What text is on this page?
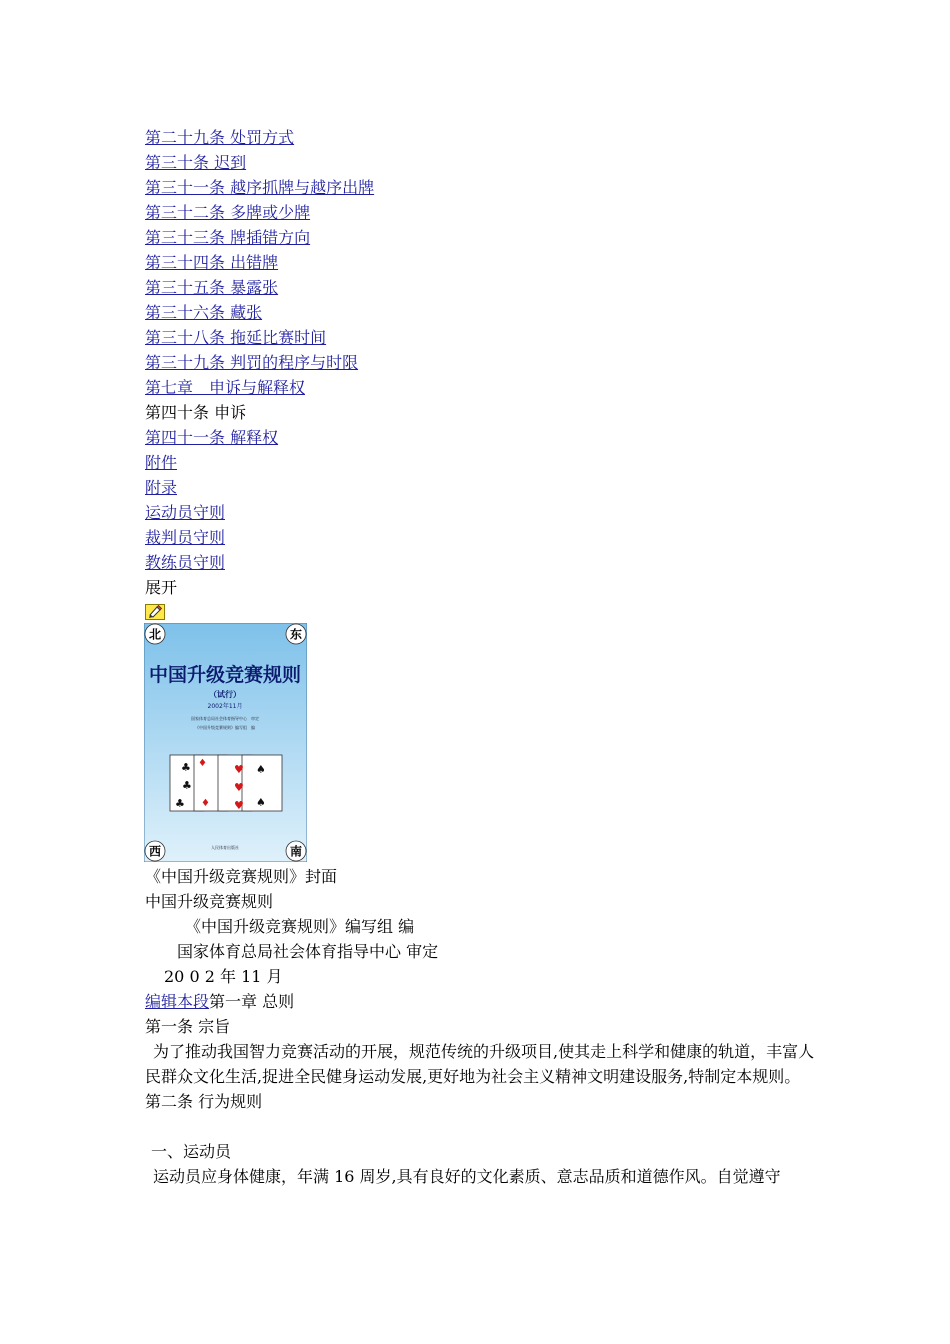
第二十九条 处罚方式
第三十条 迟到
第三十一条 越序抓牌与越序出牌
第三十二条 多牌或少牌
第三十三条 牌插错方向
第三十四条 出错牌
第三十五条 暴露张
第三十六条 藏张
第三十八条 拖延比赛时间
第三十九条 判罚的程序与时限
第七章　申诉与解释权
第四十条 申诉
第四十一条 解释权
附件
附录
运动员守则
裁判员守则
教练员守则
展开
北	东
西	南
中国升级竞赛规则
（试行）
2002年11月
国家体育总局社会体育指导中心　审定
《中国升级竞赛规则》编写组　编
♣
♣
♣
♦
♦
♥
♥
♥
♠
♠
人民体育出版社
《中国升级竞赛规则》封面
中国升级竞赛规则
《中国升级竞赛规则》编写组 编
国家体育总局社会体育指导中心 审定
20 0 2 年 11 月
编辑本段第一章 总则
第一条 宗旨
为了推动我国智力竞赛活动的开展，规范传统的升级项目,使其走上科学和健康的轨道，丰富人民群众文化生活,捉进全民健身运动发展,更好地为社会主义精神文明建设服务,特制定本规则。
第二条 行为规则
一、运动员
运动员应身体健康，年满 16 周岁,具有良好的文化素质、意志品质和道德作风。自觉遵守
